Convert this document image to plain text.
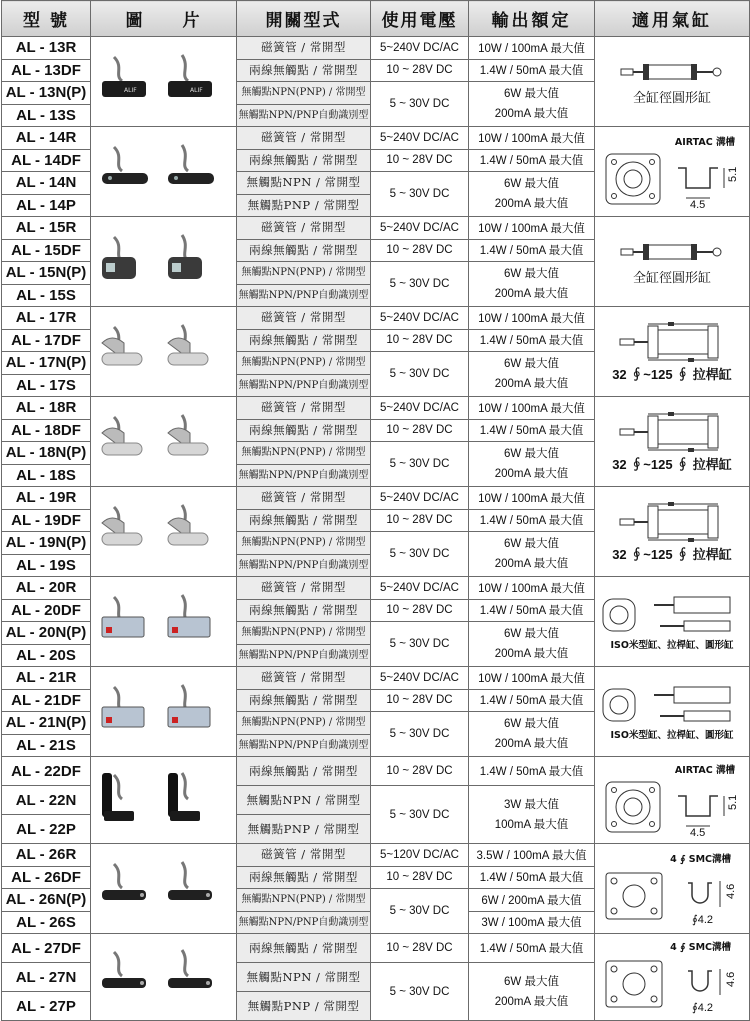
型 號	圖　　片	開關型式	使用電壓	輸出額定	適用氣缸
AL - 13R	ALIF ALIF	磁簧管 / 常開型	5~240V DC/AC	10W / 100mA 最大值	全缸徑圓形缸

AL - 13DF		兩線無觸點 / 常開型	10 ~ 28V DC	1.4W / 50mA 最大值	
AL - 13N(P)		無觸點NPN(PNP) / 常開型	5 ~ 30V DC	6W 最大值
200mA 最大值	

AL - 13S		無觸點NPN/PNP自動識別型			
AL - 14R		磁簧管 / 常開型	5~240V DC/AC	10W / 100mA 最大值	AIRTAC 溝槽
4.5
5.1

AL - 14DF		兩線無觸點 / 常開型	10 ~ 28V DC	1.4W / 50mA 最大值	
AL - 14N		無觸點NPN / 常開型	5 ~ 30V DC	6W 最大值
200mA 最大值	

AL - 14P		無觸點PNP / 常開型			
AL - 15R		磁簧管 / 常開型	5~240V DC/AC	10W / 100mA 最大值	全缸徑圓形缸

AL - 15DF		兩線無觸點 / 常開型	10 ~ 28V DC	1.4W / 50mA 最大值	
AL - 15N(P)		無觸點NPN(PNP) / 常開型	5 ~ 30V DC	6W 最大值
200mA 最大值	

AL - 15S		無觸點NPN/PNP自動識別型			
AL - 17R		磁簧管 / 常開型	5~240V DC/AC	10W / 100mA 最大值	32 ∮~125 ∮ 拉桿缸

AL - 17DF		兩線無觸點 / 常開型	10 ~ 28V DC	1.4W / 50mA 最大值	
AL - 17N(P)		無觸點NPN(PNP) / 常開型	5 ~ 30V DC	6W 最大值
200mA 最大值	

AL - 17S		無觸點NPN/PNP自動識別型			
AL - 18R		磁簧管 / 常開型	5~240V DC/AC	10W / 100mA 最大值	32 ∮~125 ∮ 拉桿缸

AL - 18DF		兩線無觸點 / 常開型	10 ~ 28V DC	1.4W / 50mA 最大值	
AL - 18N(P)		無觸點NPN(PNP) / 常開型	5 ~ 30V DC	6W 最大值
200mA 最大值	

AL - 18S		無觸點NPN/PNP自動識別型			
AL - 19R		磁簧管 / 常開型	5~240V DC/AC	10W / 100mA 最大值	32 ∮~125 ∮ 拉桿缸

AL - 19DF		兩線無觸點 / 常開型	10 ~ 28V DC	1.4W / 50mA 最大值	
AL - 19N(P)		無觸點NPN(PNP) / 常開型	5 ~ 30V DC	6W 最大值
200mA 最大值	

AL - 19S		無觸點NPN/PNP自動識別型			
AL - 20R		磁簧管 / 常開型	5~240V DC/AC	10W / 100mA 最大值	ISO米型缸、拉桿缸、圓形缸

AL - 20DF		兩線無觸點 / 常開型	10 ~ 28V DC	1.4W / 50mA 最大值	
AL - 20N(P)		無觸點NPN(PNP) / 常開型	5 ~ 30V DC	6W 最大值
200mA 最大值	

AL - 20S		無觸點NPN/PNP自動識別型			
AL - 21R		磁簧管 / 常開型	5~240V DC/AC	10W / 100mA 最大值	ISO米型缸、拉桿缸、圓形缸

AL - 21DF		兩線無觸點 / 常開型	10 ~ 28V DC	1.4W / 50mA 最大值	
AL - 21N(P)		無觸點NPN(PNP) / 常開型	5 ~ 30V DC	6W 最大值
200mA 最大值	

AL - 21S		無觸點NPN/PNP自動識別型			
AL - 22DF		兩線無觸點 / 常開型	10 ~ 28V DC	1.4W / 50mA 最大值	AIRTAC 溝槽
4.5
5.1

AL - 22N		無觸點NPN / 常開型	5 ~ 30V DC	3W 最大值
100mA 最大值	

AL - 22P		無觸點PNP / 常開型			
AL - 26R		磁簧管 / 常開型	5~120V DC/AC	3.5W / 100mA 最大值	4 ∮ SMC溝槽
∮4.2
4.6

AL - 26DF		兩線無觸點 / 常開型	10 ~ 28V DC	1.4W / 50mA 最大值	
AL - 26N(P)		無觸點NPN(PNP) / 常開型	5 ~ 30V DC	6W / 200mA 最大值	
AL - 26S		無觸點NPN/PNP自動識別型		3W / 100mA 最大值	
AL - 27DF		兩線無觸點 / 常開型	10 ~ 28V DC	1.4W / 50mA 最大值	4 ∮ SMC溝槽
∮4.2
4.6

AL - 27N		無觸點NPN / 常開型	5 ~ 30V DC	6W 最大值
200mA 最大值	

AL - 27P		無觸點PNP / 常開型			
